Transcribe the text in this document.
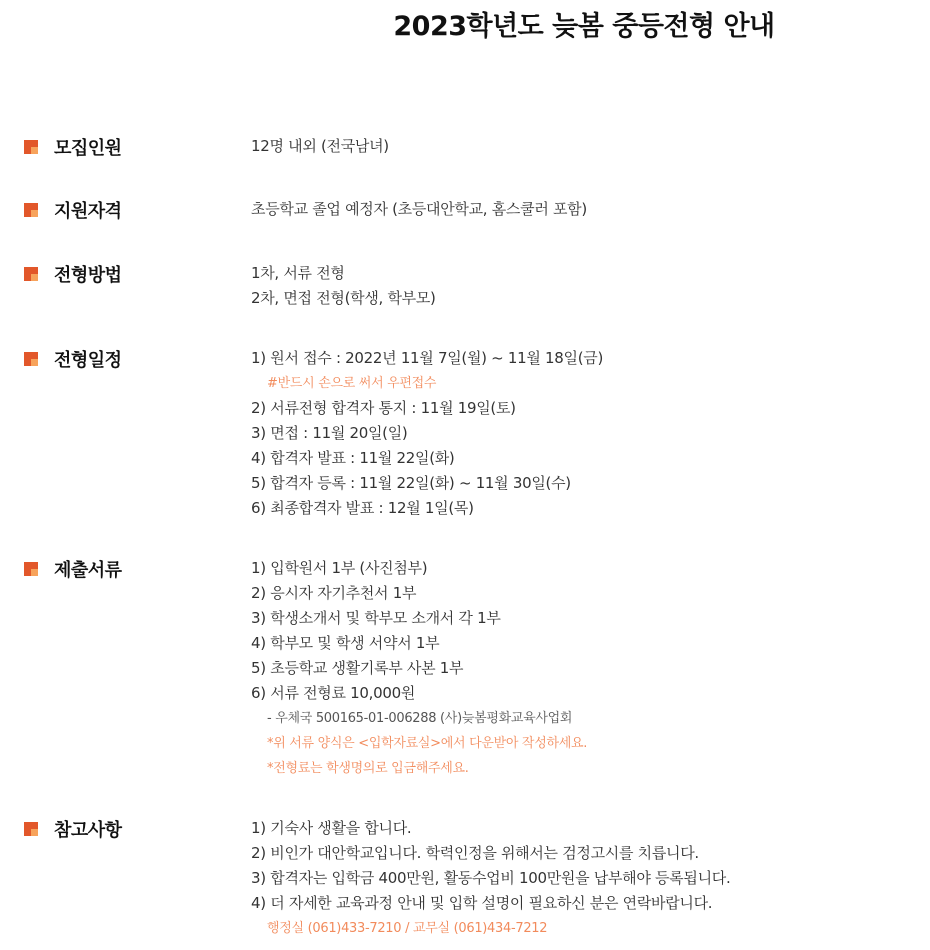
2023학년도 늦봄 중등전형 안내
모집인원	12명 내외 (전국남녀)
지원자격	초등학교 졸업 예정자 (초등대안학교, 홈스쿨러 포함)
전형방법	1차, 서류 전형
2차, 면접 전형(학생, 학부모)
전형일정	1) 원서 접수 : 2022년 11월 7일(월) ~ 11월 18일(금)
#반드시 손으로 써서 우편접수
2) 서류전형 합격자 통지 : 11월 19일(토)
3) 면접 : 11월 20일(일)
4) 합격자 발표 : 11월 22일(화)
5) 합격자 등록 : 11월 22일(화) ~ 11월 30일(수)
6) 최종합격자 발표 : 12월 1일(목)
제출서류	1) 입학원서 1부 (사진첨부)
2) 응시자 자기추천서 1부
3) 학생소개서 및 학부모 소개서 각 1부
4) 학부모 및 학생 서약서 1부
5) 초등학교 생활기록부 사본 1부
6) 서류 전형료 10,000원
- 우체국 500165-01-006288 (사)늦봄평화교육사업회
*위 서류 양식은 <입학자료실>에서 다운받아 작성하세요.
*전형료는 학생명의로 입금해주세요.
참고사항	1) 기숙사 생활을 합니다.
2) 비인가 대안학교입니다. 학력인정을 위해서는 검정고시를 치릅니다.
3) 합격자는 입학금 400만원, 활동수업비 100만원을 납부해야 등록됩니다.
4) 더 자세한 교육과정 안내 및 입학 설명이 필요하신 분은 연락바랍니다.
행정실 (061)433-7210 / 교무실 (061)434-7212
